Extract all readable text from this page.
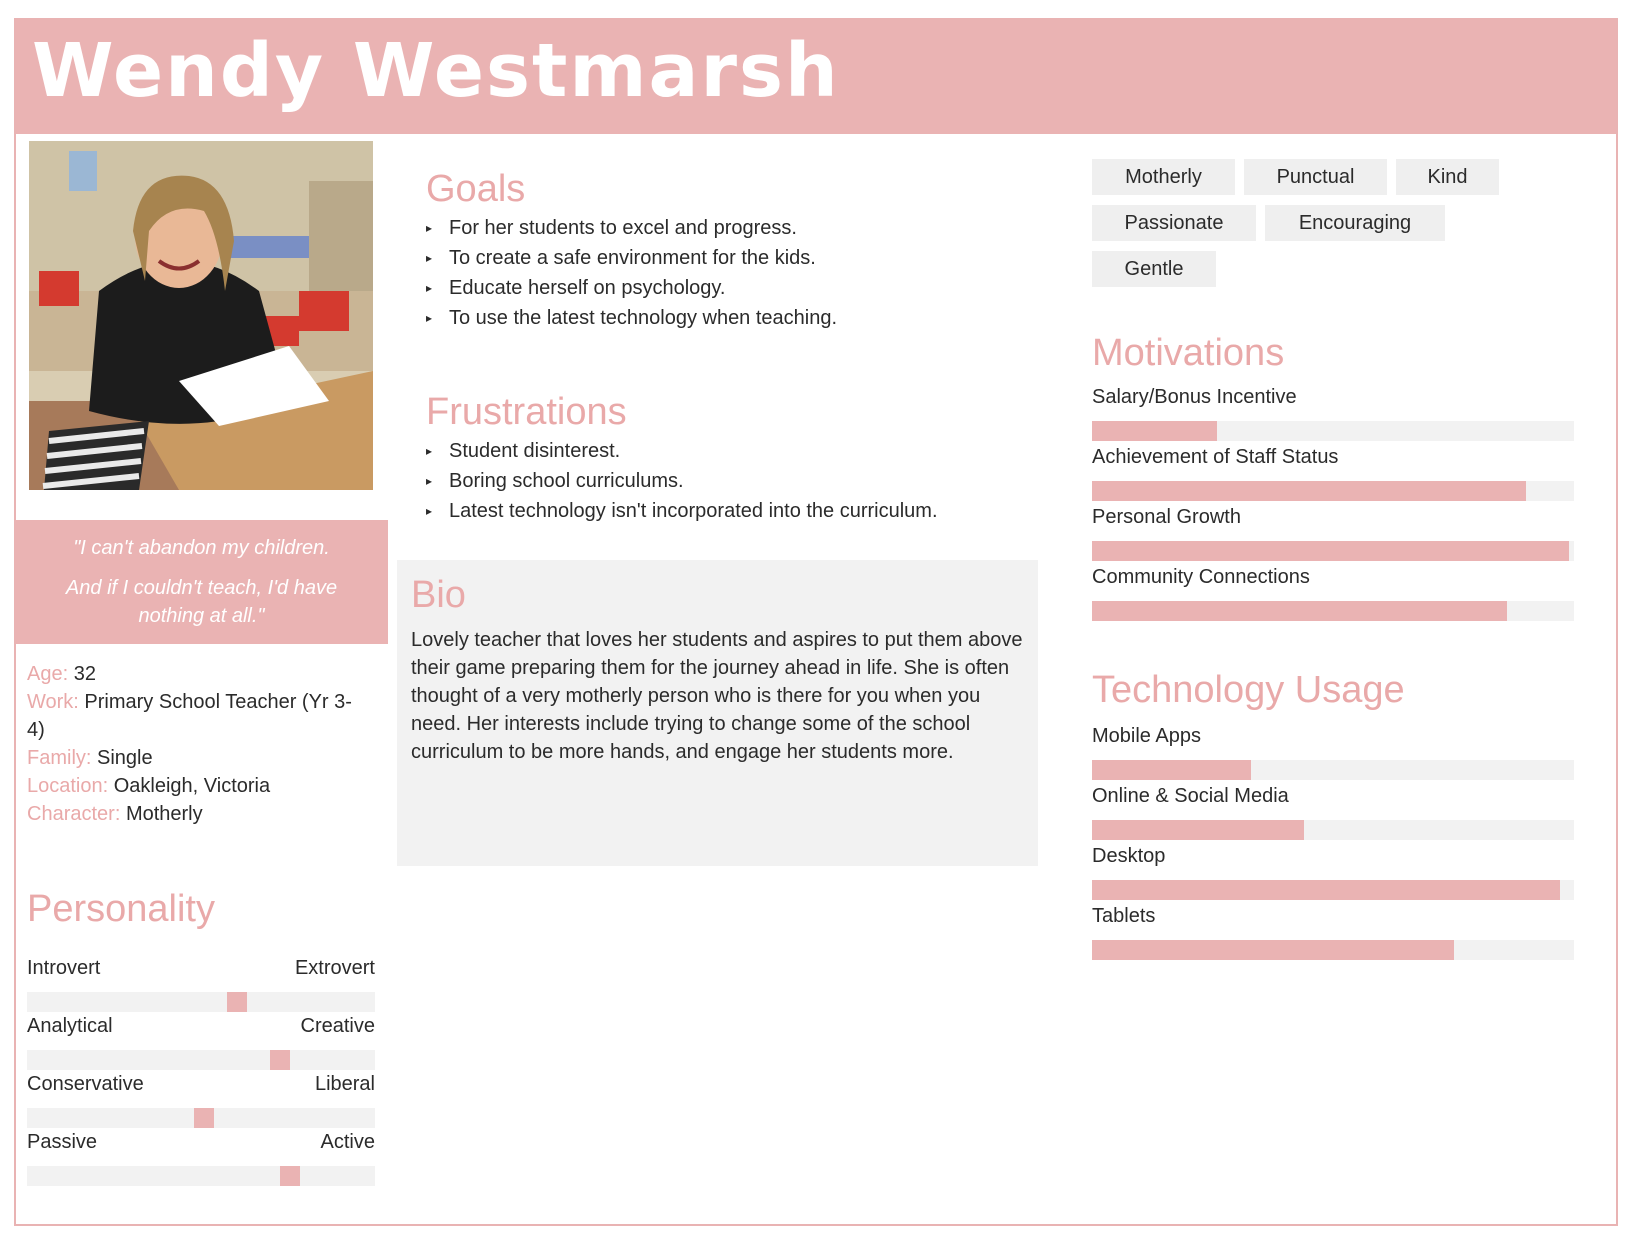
Wendy Westmarsh

"I can't abandon my children.

And if I couldn't teach, I'd have nothing at all."

Age: 32
Work: Primary School Teacher (Yr 3-4)
Family: Single
Location: Oakleigh, Victoria
Character: Motherly
Personality
Introvert	Extrovert
Analytical	Creative
Conservative	Liberal
Passive	Active
Goals
▸ For her students to excel and progress.
▸ To create a safe environment for the kids.
▸ Educate herself on psychology.
▸ To use the latest technology when teaching.
Frustrations
▸ Student disinterest.
▸ Boring school curriculums.
▸ Latest technology isn't incorporated into the curriculum.
Bio

Lovely teacher that loves her students and aspires to put them above their game preparing them for the journey ahead in life. She is often thought of a very motherly person who is there for you when you need. Her interests include trying to change some of the school curriculum to be more hands, and engage her students more.

Motherly	Punctual	Kind
Passionate	Encouraging
Gentle
Motivations
Salary/Bonus Incentive
Achievement of Staff Status
Personal Growth
Community Connections
Technology Usage
Mobile Apps
Online & Social Media
Desktop
Tablets
